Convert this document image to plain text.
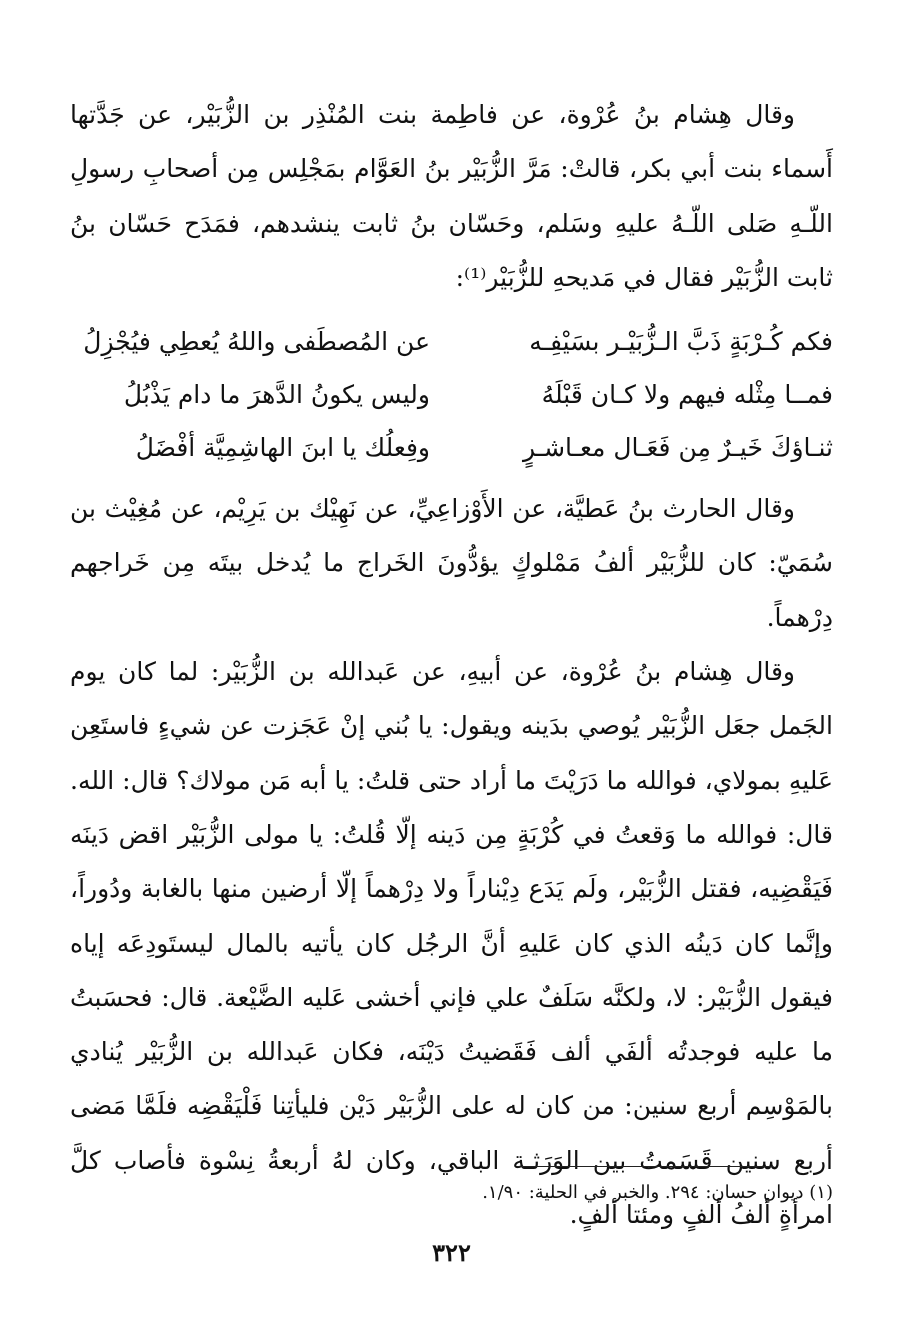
وقال هِشام بنُ عُرْوة، عن فاطِمة بنت المُنْذِر بن الزُّبَيْر، عن جَدَّتها أَسماء بنت أبي بكر، قالتْ: مَرَّ الزُّبَيْر بنُ العَوَّام بمَجْلِس مِن أصحابِ رسولِ اللّـهِ صَلى اللّـهُ عليهِ وسَلم، وحَسّان بنُ ثابت ينشدهم، فمَدَح حَسّان بنُ ثابت الزُّبَيْر فقال في مَديحهِ للزُّبَيْر⁽¹⁾:

فكم كُـرْبَةٍ ذَبَّ الـزُّبَيْـر بسَيْفِـه
عن المُصطَفى واللهُ يُعطِي فيُجْزِلُ
فمــا مِثْله فيهم ولا كـان قَبْلَهُ
وليس يكونُ الدَّهرَ ما دام يَذْبُلُ
ثنـاؤكَ خَيـرٌ مِن فَعَـال معـاشـرٍ
وفِعلُك يا ابنَ الهاشِمِيَّة أفْضَلُ

وقال الحارث بنُ عَطيَّة، عن الأَوْزاعِيِّ، عن نَهِيْك بن يَرِيْم، عن مُغِيْث بن سُمَيّ: كان للزُّبَيْر ألفُ مَمْلوكٍ يؤدُّونَ الخَراج ما يُدخل بيتَه مِن خَراجهم دِرْهماً.

وقال هِشام بنُ عُرْوة، عن أبيهِ، عن عَبدالله بن الزُّبَيْر: لما كان يوم الجَمل جعَل الزُّبَيْر يُوصي بدَينه ويقول: يا بُني إنْ عَجَزت عن شيءٍ فاستَعِن عَليهِ بمولاي، فوالله ما دَرَيْتَ ما أراد حتى قلتُ: يا أبه مَن مولاك؟ قال: الله. قال: فوالله ما وَقعتُ في كُرْبَةٍ مِن دَينه إلّا قُلتُ: يا مولى الزُّبَيْر اقض دَينَه فَيَقْضِيه، فقتل الزُّبَيْر، ولَم يَدَع دِيْناراً ولا دِرْهماً إلّا أرضين منها بالغابة ودُوراً، وإنَّما كان دَينُه الذي كان عَليهِ أنَّ الرجُل كان يأتيه بالمال ليستَودِعَه إياه فيقول الزُّبَيْر: لا، ولكنَّه سَلَفٌ علي فإني أخشى عَليه الضَّيْعة. قال: فحسَبتُ ما عليه فوجدتُه ألفَي ألف فَقَضيتُ دَيْنَه، فكان عَبدالله بن الزُّبَيْر يُنادي بالمَوْسِم أربع سنين: من كان له على الزُّبَيْر دَيْن فليأتِنا فَلْيَقْضِه فلَمَّا مَضى أربع سنين قَسَمتُ بين الوَرَثـة الباقي، وكان لهُ أربعةُ نِسْوة فأصاب كلَّ امرأةٍ ألفُ ألفٍ ومئتا ألفٍ.

(١) ديوان حسان: ٢٩٤. والخبر في الحلية: ١/٩٠.
٣٢٢
